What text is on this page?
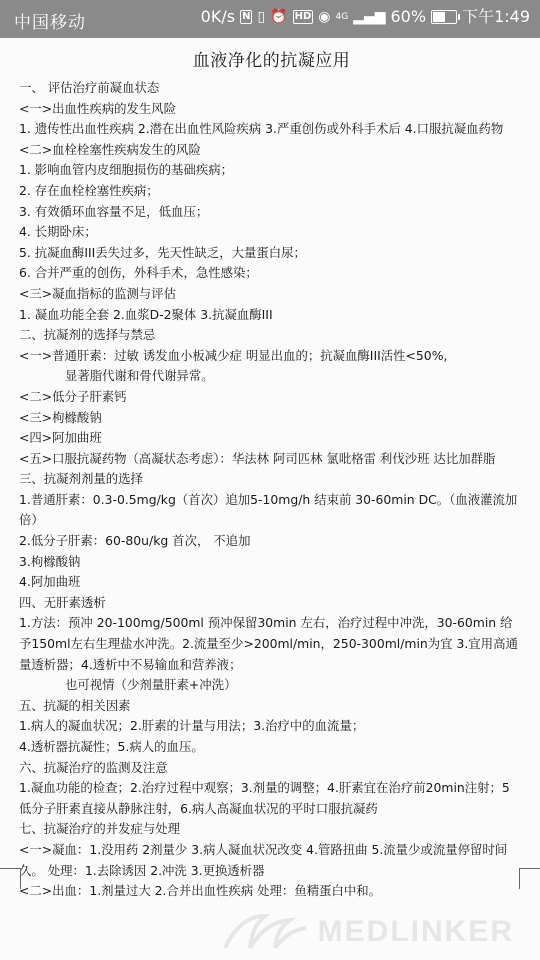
中国移动	0K/s N ▯ ⏰ HD ◉ 4G ▂▄▆ 60% 下午1:49
血液净化的抗凝应用
一、 评估治疗前凝血状态
<一>出血性疾病的发生风险
1. 遗传性出血性疾病 2.潜在出血性风险疾病 3.严重创伤或外科手术后 4.口服抗凝血药物
<二>血栓栓塞性疾病发生的风险
1. 影响血管内皮细胞损伤的基础疾病；
2. 存在血栓栓塞性疾病；
3. 有效循环血容量不足，低血压；
4. 长期卧床；
5. 抗凝血酶III丢失过多，先天性缺乏，大量蛋白尿；
6. 合并严重的创伤，外科手术，急性感染；
<三>凝血指标的监测与评估
1. 凝血功能全套 2.血浆D-2聚体 3.抗凝血酶III
二、抗凝剂的选择与禁忌
<一>普通肝素：过敏 诱发血小板减少症 明显出血的；抗凝血酶III活性<50%,
显著脂代谢和骨代谢异常。
<二>低分子肝素钙
<三>枸橼酸钠
<四>阿加曲班
<五>口服抗凝药物（高凝状态考虑）：华法林 阿司匹林 氯吡格雷 利伐沙班 达比加群脂
三、抗凝剂剂量的选择
1.普通肝素：0.3-0.5mg/kg（首次）追加5-10mg/h 结束前 30-60min DC。（血液灌流加倍）
2.低分子肝素：60-80u/kg 首次， 不追加
3.枸橼酸钠
4.阿加曲班
四、无肝素透析
1.方法：预冲 20-100mg/500ml 预冲保留30min 左右，治疗过程中冲洗，30-60min 给予150ml左右生理盐水冲洗。2.流量至少>200ml/min，250-300ml/min为宜 3.宜用高通量透析器；4.透析中不易输血和营养液；
也可视情（少剂量肝素+冲洗）
五、抗凝的相关因素
1.病人的凝血状况；2.肝素的计量与用法；3.治疗中的血流量；
4.透析器抗凝性；5.病人的血压。
六、抗凝治疗的监测及注意
1.凝血功能的检查；2.治疗过程中观察；3.剂量的调整；4.肝素宜在治疗前20min注射；5 低分子肝素直接从静脉注射，6.病人高凝血状况的平时口服抗凝药
七、抗凝治疗的并发症与处理
<一>凝血：1.没用药 2剂量少 3.病人凝血状况改变 4.管路扭曲 5.流量少或流量停留时间久。 处理：1.去除诱因 2.冲洗 3.更换透析器
<二>出血：1.剂量过大 2.合并出血性疾病 处理：鱼精蛋白中和。
MEDLINKER
